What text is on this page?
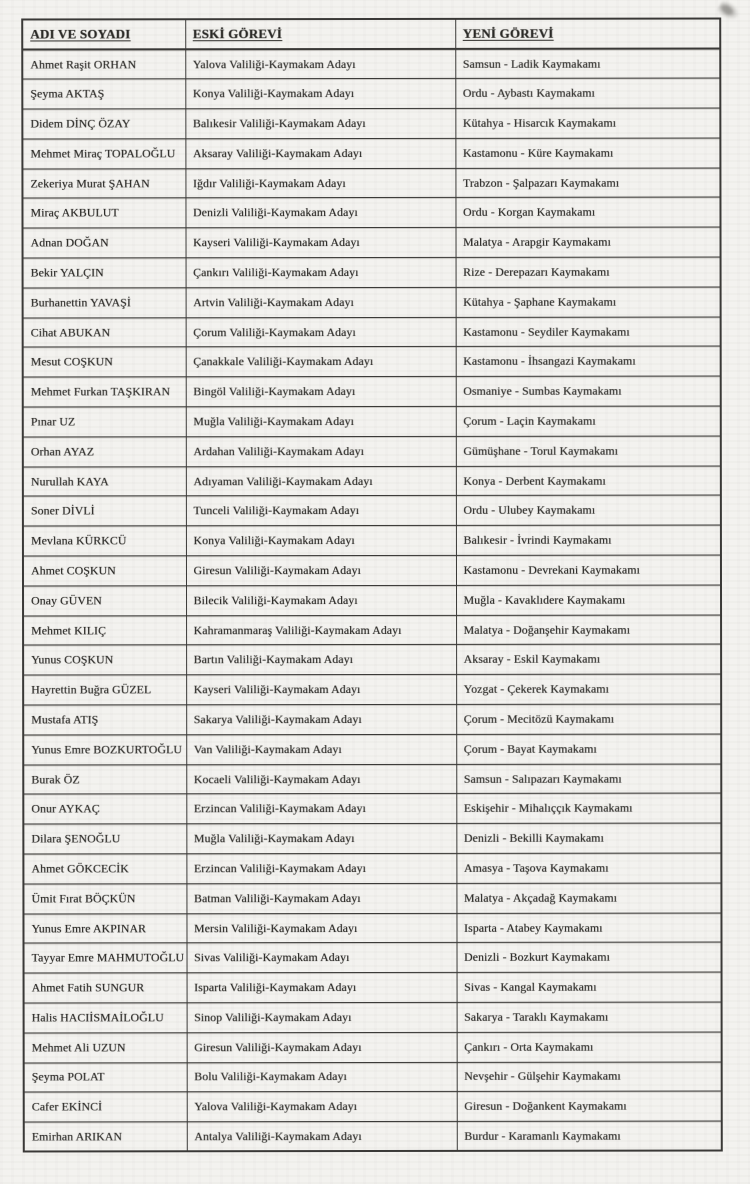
ADI VE SOYADI	ESKİ GÖREVİ	YENİ GÖREVİ
Ahmet Raşit ORHAN	Yalova Valiliği-Kaymakam Adayı	Samsun - Ladik Kaymakamı
Şeyma AKTAŞ	Konya Valiliği-Kaymakam Adayı	Ordu - Aybastı Kaymakamı
Didem DİNÇ ÖZAY	Balıkesir Valiliği-Kaymakam Adayı	Kütahya - Hisarcık Kaymakamı
Mehmet Miraç TOPALOĞLU	Aksaray Valiliği-Kaymakam Adayı	Kastamonu - Küre Kaymakamı
Zekeriya Murat ŞAHAN	Iğdır Valiliği-Kaymakam Adayı	Trabzon - Şalpazarı Kaymakamı
Miraç AKBULUT	Denizli Valiliği-Kaymakam Adayı	Ordu - Korgan Kaymakamı
Adnan DOĞAN	Kayseri Valiliği-Kaymakam Adayı	Malatya - Arapgir Kaymakamı
Bekir YALÇIN	Çankırı Valiliği-Kaymakam Adayı	Rize - Derepazarı Kaymakamı
Burhanettin YAVAŞİ	Artvin Valiliği-Kaymakam Adayı	Kütahya - Şaphane Kaymakamı
Cihat ABUKAN	Çorum Valiliği-Kaymakam Adayı	Kastamonu - Seydiler Kaymakamı
Mesut COŞKUN	Çanakkale Valiliği-Kaymakam Adayı	Kastamonu - İhsangazi Kaymakamı
Mehmet Furkan TAŞKIRAN	Bingöl Valiliği-Kaymakam Adayı	Osmaniye - Sumbas Kaymakamı
Pınar UZ	Muğla Valiliği-Kaymakam Adayı	Çorum - Laçin Kaymakamı
Orhan AYAZ	Ardahan Valiliği-Kaymakam Adayı	Gümüşhane - Torul Kaymakamı
Nurullah KAYA	Adıyaman Valiliği-Kaymakam Adayı	Konya - Derbent Kaymakamı
Soner DİVLİ	Tunceli Valiliği-Kaymakam Adayı	Ordu - Ulubey Kaymakamı
Mevlana KÜRKCÜ	Konya Valiliği-Kaymakam Adayı	Balıkesir - İvrindi Kaymakamı
Ahmet COŞKUN	Giresun Valiliği-Kaymakam Adayı	Kastamonu - Devrekani Kaymakamı
Onay GÜVEN	Bilecik Valiliği-Kaymakam Adayı	Muğla - Kavaklıdere Kaymakamı
Mehmet KILIÇ	Kahramanmaraş Valiliği-Kaymakam Adayı	Malatya - Doğanşehir Kaymakamı
Yunus COŞKUN	Bartın Valiliği-Kaymakam Adayı	Aksaray - Eskil Kaymakamı
Hayrettin Buğra GÜZEL	Kayseri Valiliği-Kaymakam Adayı	Yozgat - Çekerek Kaymakamı
Mustafa ATIŞ	Sakarya Valiliği-Kaymakam Adayı	Çorum - Mecitözü Kaymakamı
Yunus Emre BOZKURTOĞLU	Van Valiliği-Kaymakam Adayı	Çorum - Bayat Kaymakamı
Burak ÖZ	Kocaeli Valiliği-Kaymakam Adayı	Samsun - Salıpazarı Kaymakamı
Onur AYKAÇ	Erzincan Valiliği-Kaymakam Adayı	Eskişehir - Mihalıççık Kaymakamı
Dilara ŞENOĞLU	Muğla Valiliği-Kaymakam Adayı	Denizli - Bekilli Kaymakamı
Ahmet GÖKCECİK	Erzincan Valiliği-Kaymakam Adayı	Amasya - Taşova Kaymakamı
Ümit Fırat BÖÇKÜN	Batman Valiliği-Kaymakam Adayı	Malatya - Akçadağ Kaymakamı
Yunus Emre AKPINAR	Mersin Valiliği-Kaymakam Adayı	Isparta - Atabey Kaymakamı
Tayyar Emre MAHMUTOĞLU	Sivas Valiliği-Kaymakam Adayı	Denizli - Bozkurt Kaymakamı
Ahmet Fatih SUNGUR	Isparta Valiliği-Kaymakam Adayı	Sivas - Kangal Kaymakamı
Halis HACIİSMAİLOĞLU	Sinop Valiliği-Kaymakam Adayı	Sakarya - Taraklı Kaymakamı
Mehmet Ali UZUN	Giresun Valiliği-Kaymakam Adayı	Çankırı - Orta Kaymakamı
Şeyma POLAT	Bolu Valiliği-Kaymakam Adayı	Nevşehir - Gülşehir Kaymakamı
Cafer EKİNCİ	Yalova Valiliği-Kaymakam Adayı	Giresun - Doğankent Kaymakamı
Emirhan ARIKAN	Antalya Valiliği-Kaymakam Adayı	Burdur - Karamanlı Kaymakamı
